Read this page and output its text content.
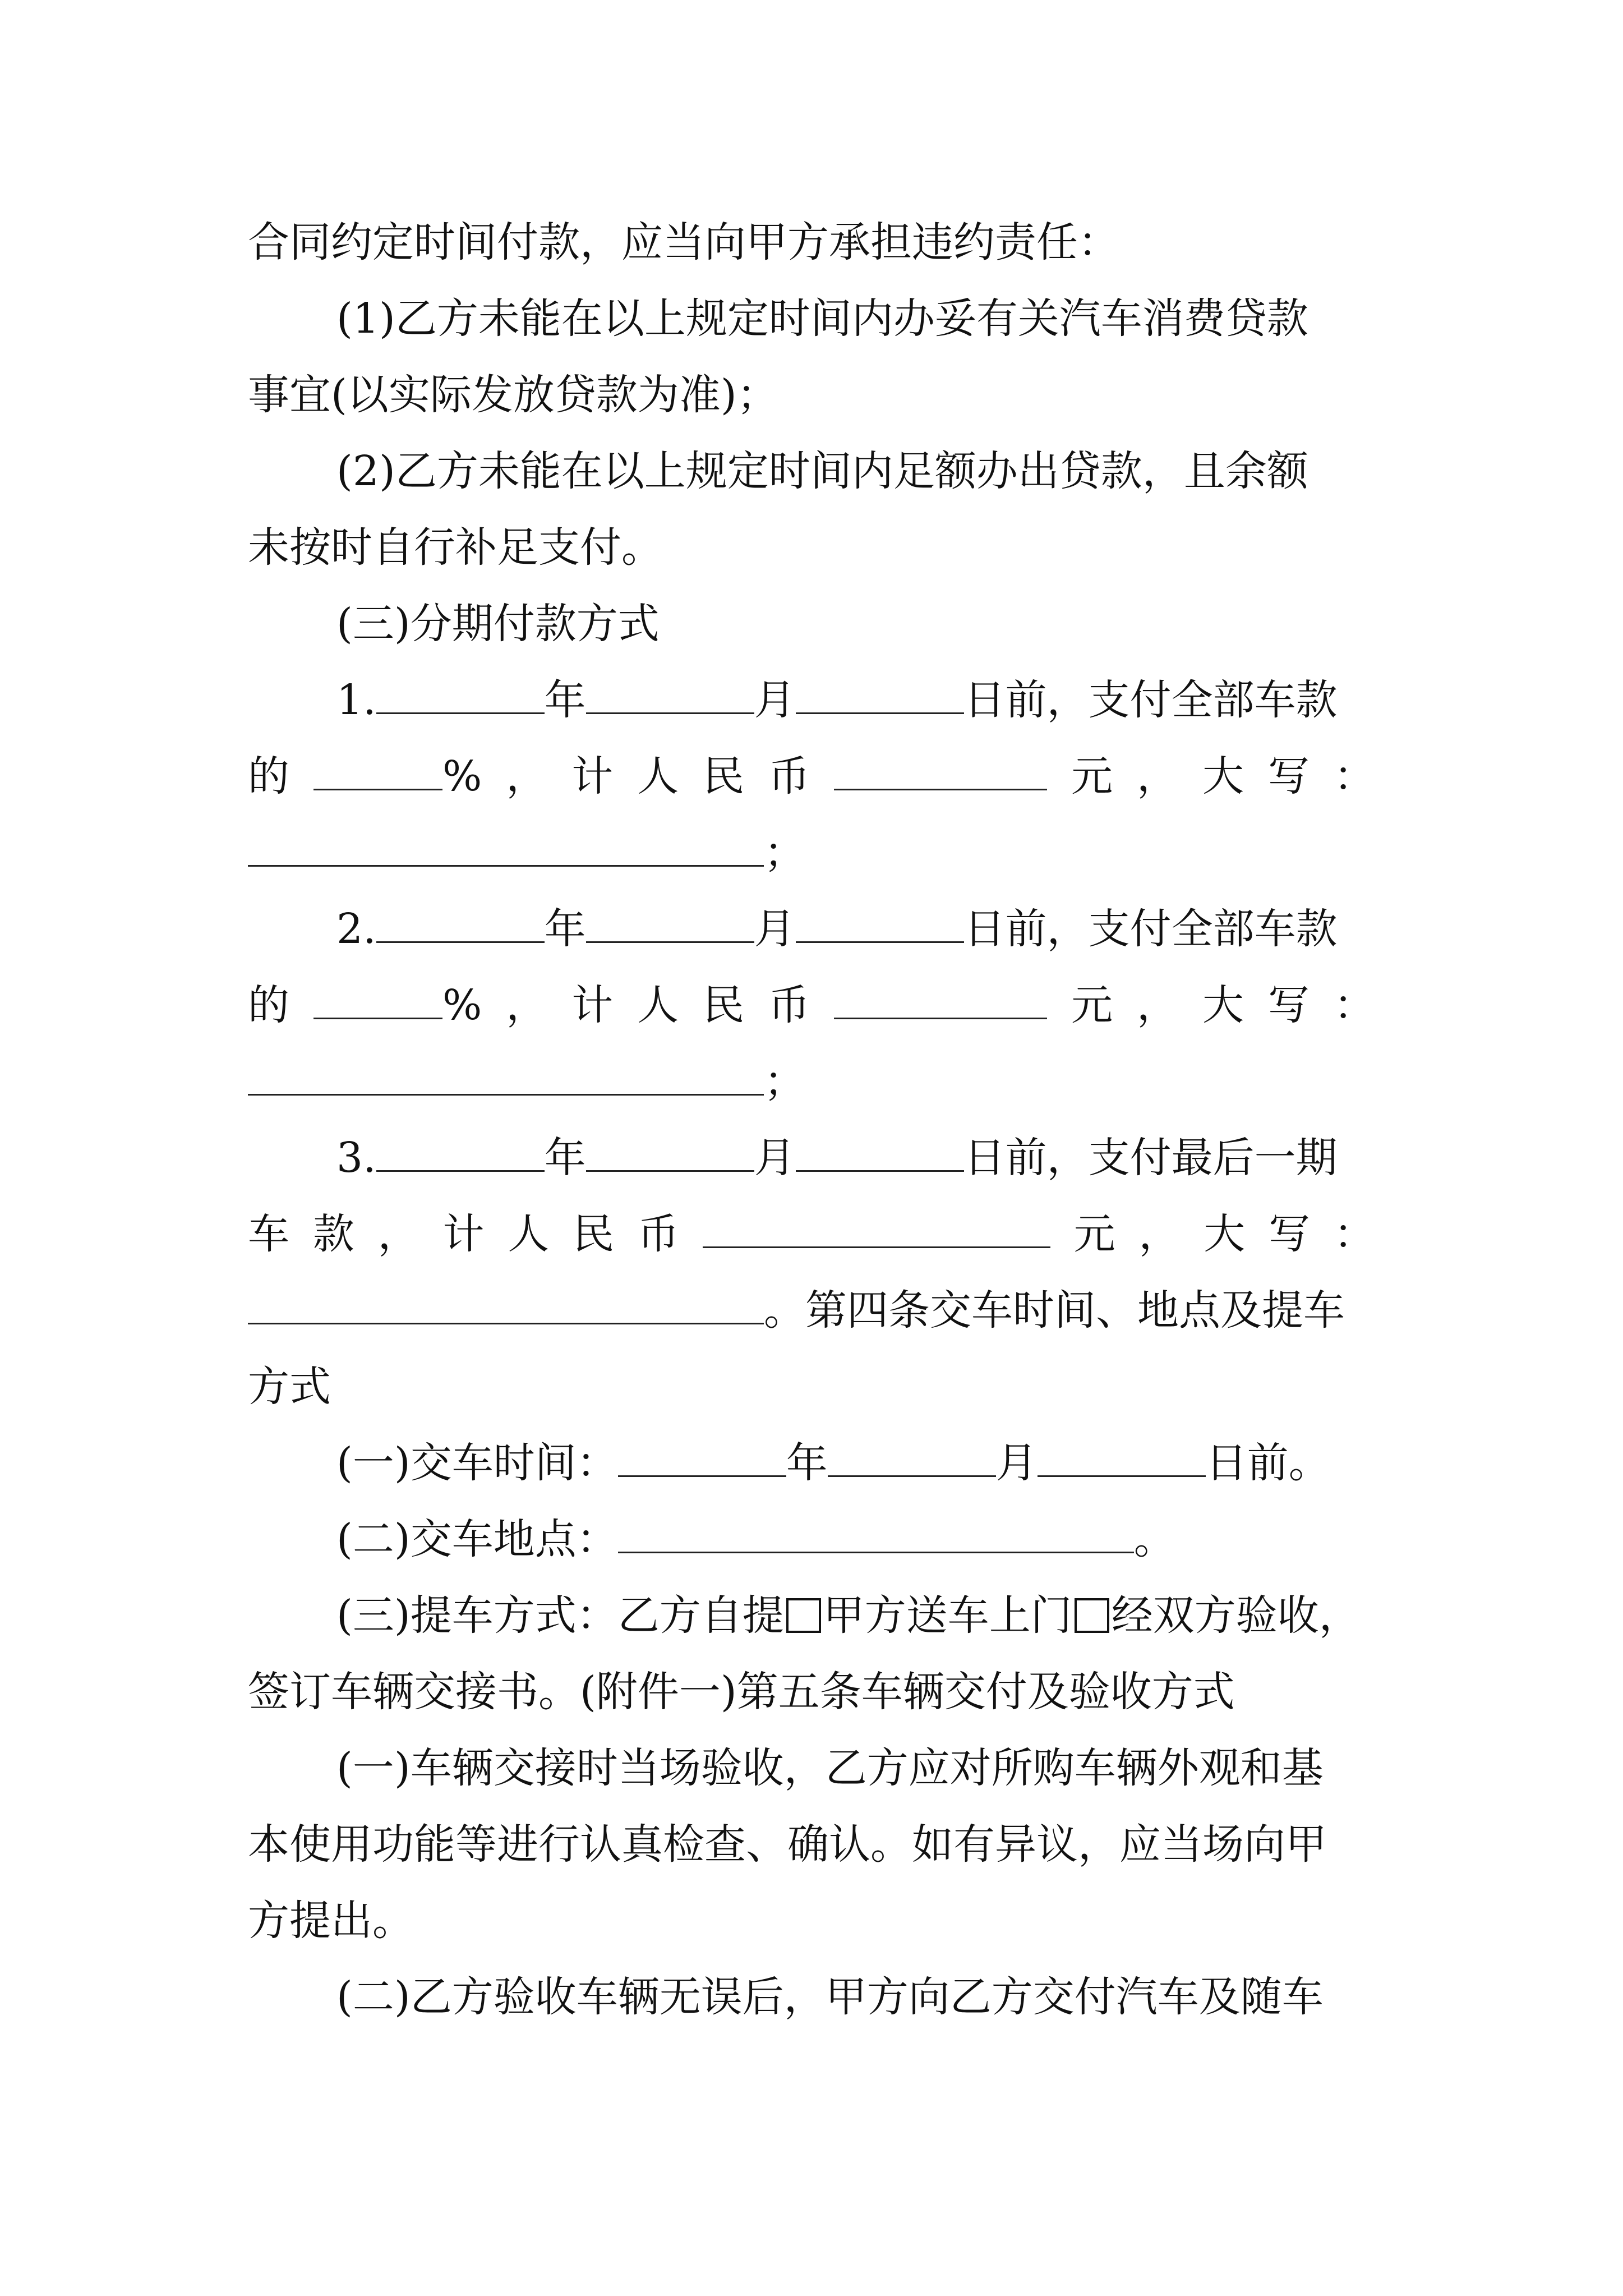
合同约定时间付款，应当向甲方承担违约责任：
(1)乙方未能在以上规定时间内办妥有关汽车消费贷款
事宜(以实际发放贷款为准)；
(2)乙方未能在以上规定时间内足额办出贷款，且余额
未按时自行补足支付。
(三)分期付款方式
1.	年	月	日前，支付全部车款
的	% ， 计 人 民 币	元 ， 大 写 ：
；
2.	年	月	日前，支付全部车款
的	% ， 计 人 民 币	元 ， 大 写 ：
；
3.	年	月	日前，支付最后一期
车 款 ， 计 人 民 币	元 ， 大 写 ：
。第四条交车时间、地点及提车
方式
(一)交车时间：	年	月	日前。
(二)交车地点：	。
(三)提车方式：乙方自提 甲方送车上门 经双方验收，
签订车辆交接书。(附件一)第五条车辆交付及验收方式
(一)车辆交接时当场验收，乙方应对所购车辆外观和基
本使用功能等进行认真检查、确认。如有异议，应当场向甲
方提出。
(二)乙方验收车辆无误后，甲方向乙方交付汽车及随车
